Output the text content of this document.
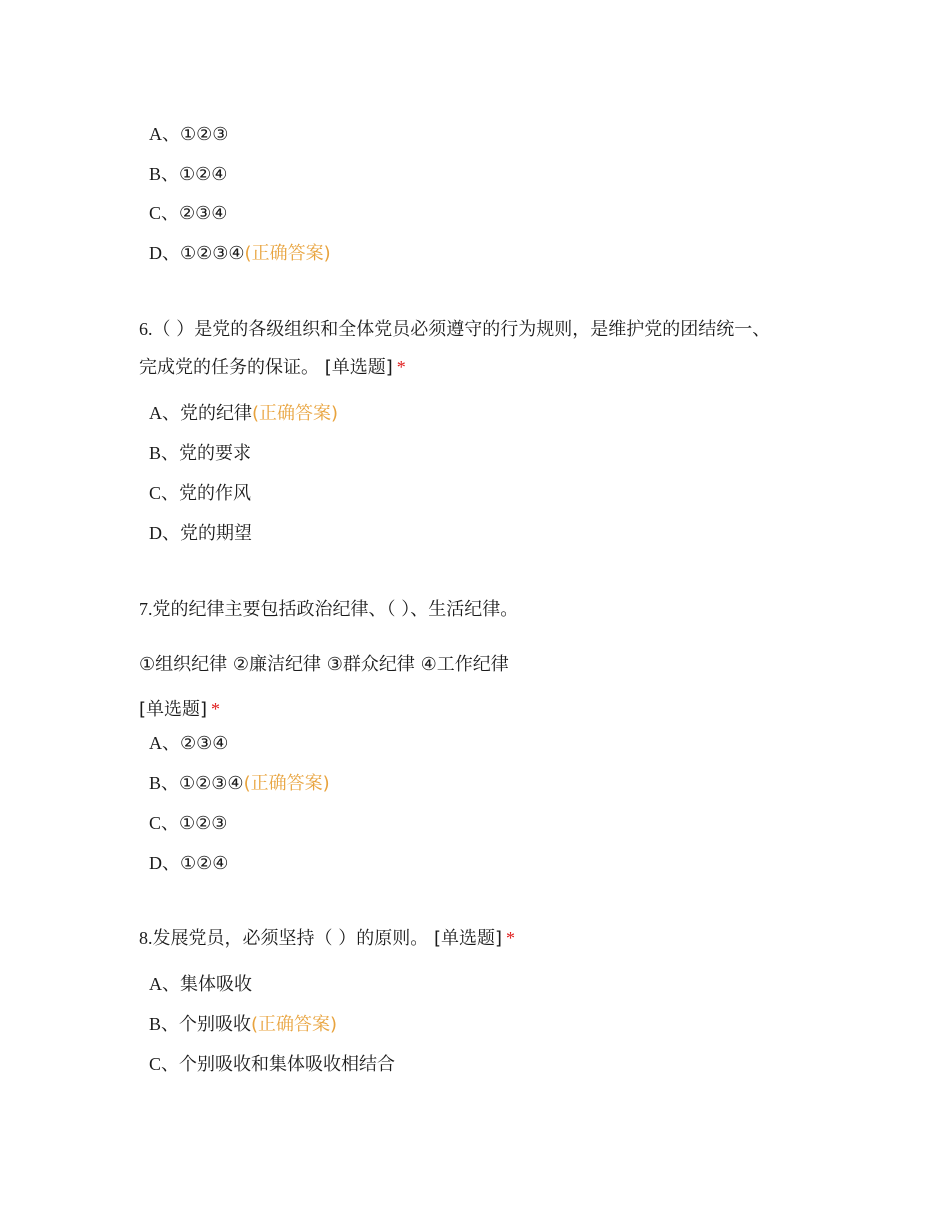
A、①②③
B、①②④
C、②③④
D、①②③④(正确答案)
6.（ ）是党的各级组织和全体党员必须遵守的行为规则，是维护党的团结统一、
完成党的任务的保证。 [单选题] *
A、党的纪律(正确答案)
B、党的要求
C、党的作风
D、党的期望
7.党的纪律主要包括政治纪律、（ ）、生活纪律。
①组织纪律 ②廉洁纪律 ③群众纪律 ④工作纪律
[单选题] *
A、②③④
B、①②③④(正确答案)
C、①②③
D、①②④
8.发展党员，必须坚持（ ）的原则。 [单选题] *
A、集体吸收
B、个别吸收(正确答案)
C、个别吸收和集体吸收相结合
